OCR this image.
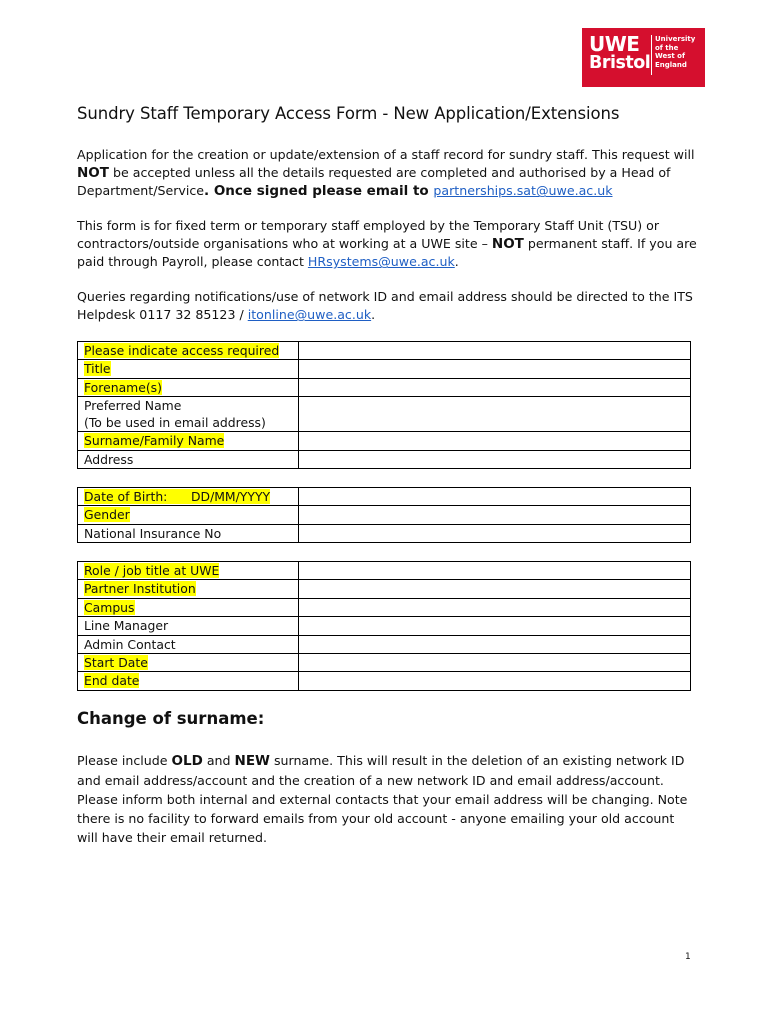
UWE
Bristol
University
of the
West of
England
Sundry Staff Temporary Access Form - New Application/Extensions

Application for the creation or update/extension of a staff record for sundry staff. This request will NOT be accepted unless all the details requested are completed and authorised by a Head of Department/Service. Once signed please email to partnerships.sat@uwe.ac.uk

This form is for fixed term or temporary staff employed by the Temporary Staff Unit (TSU) or contractors/outside organisations who at working at a UWE site – NOT permanent staff. If you are paid through Payroll, please contact HRsystems@uwe.ac.uk.

Queries regarding notifications/use of network ID and email address should be directed to the ITS Helpdesk 0117 32 85123 / itonline@uwe.ac.uk.

Please indicate access required	
Title	
Forename(s)	
Preferred Name
(To be used in email address)	
Surname/Family Name	
Address	
Date of Birth:      DD/MM/YYYY	
Gender	
National Insurance No	
Role / job title at UWE	
Partner Institution	
Campus	
Line Manager	
Admin Contact	
Start Date	
End date	
Change of surname:

Please include OLD and NEW surname. This will result in the deletion of an existing network ID and email address/account and the creation of a new network ID and email address/account. Please inform both internal and external contacts that your email address will be changing. Note there is no facility to forward emails from your old account - anyone emailing your old account will have their email returned.

1
